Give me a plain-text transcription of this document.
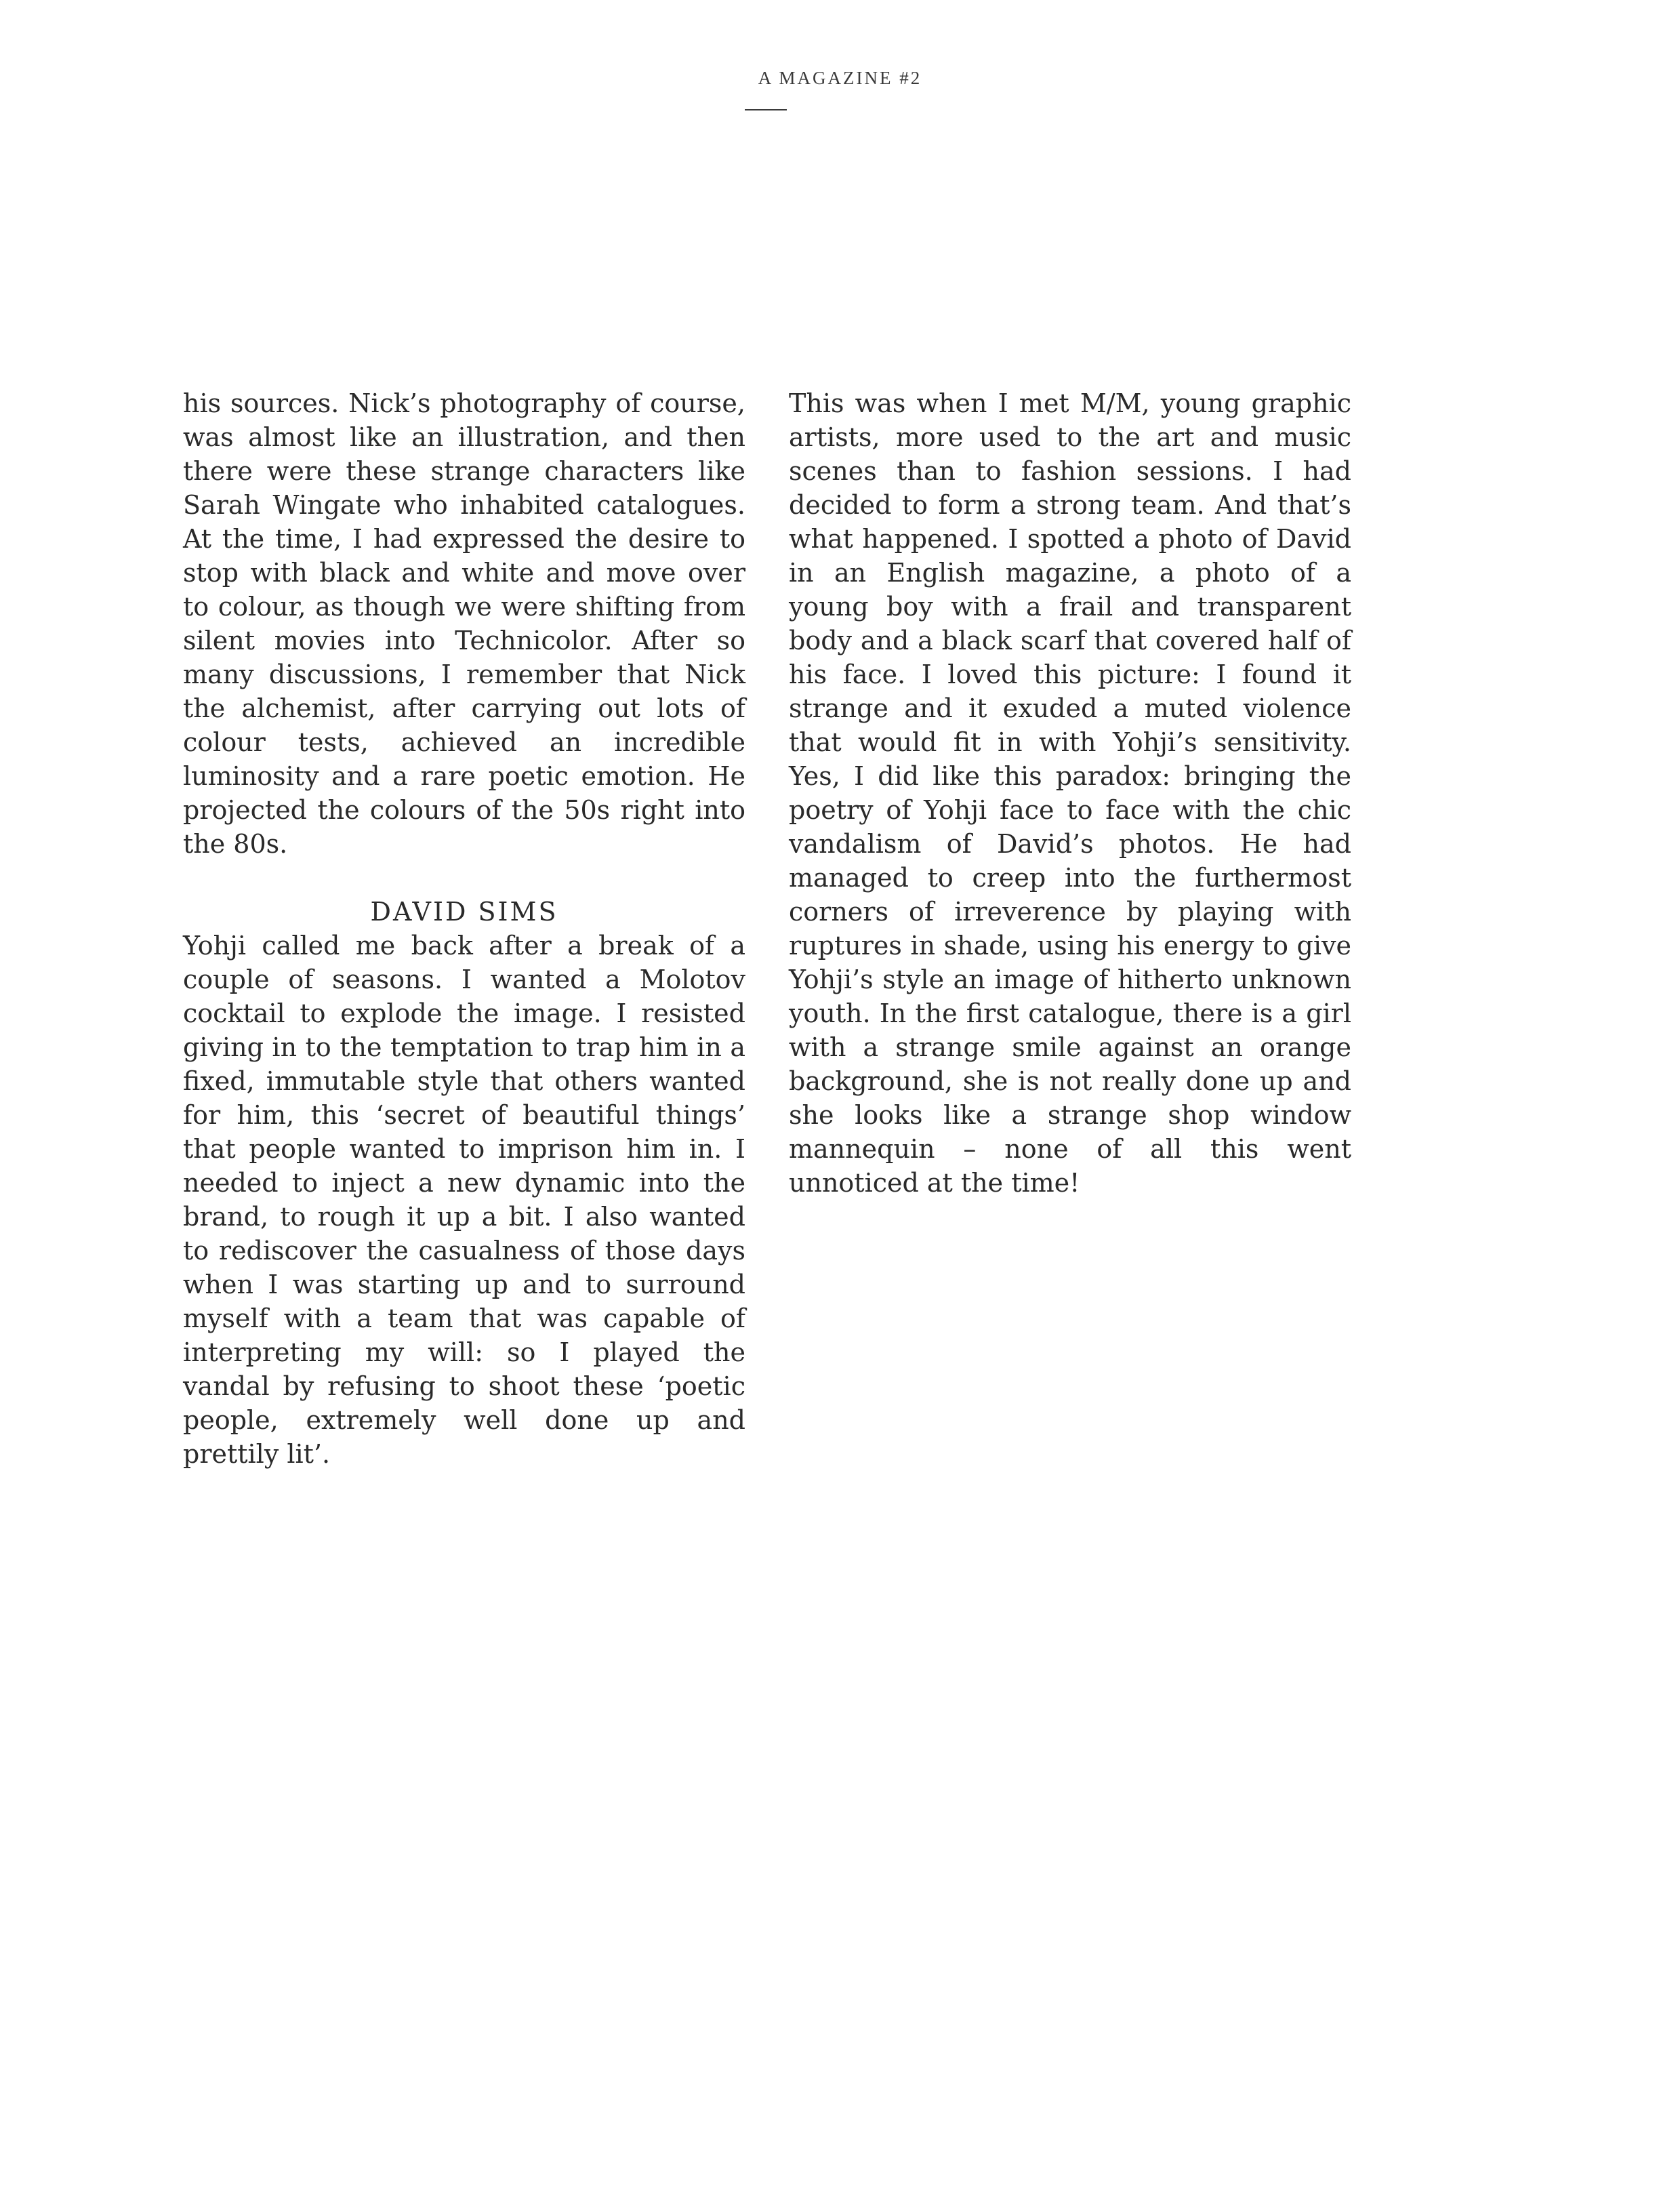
A MAGAZINE #2

his sources. Nick’s photography of course, was almost like an illustration, and then there were these strange characters like Sarah Wingate who inhabited catalogues. At the time, I had expressed the desire to stop with black and white and move over to colour, as though we were shifting from silent movies into Technicolor. After so many discussions, I remember that Nick the alchemist, after carrying out lots of colour tests, achieved an incredible luminosity and a rare poetic emotion. He projected the colours of the 50s right into the 80s.

DAVID SIMS

Yohji called me back after a break of a couple of seasons. I wanted a Molotov cocktail to explode the image. I resisted giving in to the temptation to trap him in a fixed, immutable style that others wanted for him, this ‘secret of beautiful things’ that people wanted to imprison him in. I needed to inject a new dynamic into the brand, to rough it up a bit. I also wanted to rediscover the casualness of those days when I was starting up and to surround myself with a team that was capable of interpreting my will: so I played the vandal by refusing to shoot these ‘poetic people, extremely well done up and prettily lit’.

This was when I met M/M, young graphic artists, more used to the art and music scenes than to fashion sessions. I had decided to form a strong team. And that’s what happened. I spotted a photo of David in an English magazine, a photo of a young boy with a frail and transparent body and a black scarf that covered half of his face. I loved this picture: I found it strange and it exuded a muted violence that would fit in with Yohji’s sensitivity. Yes, I did like this paradox: bringing the poetry of Yohji face to face with the chic vandalism of David’s photos. He had managed to creep into the furthermost corners of irreverence by playing with ruptures in shade, using his energy to give Yohji’s style an image of hitherto unknown youth. In the first catalogue, there is a girl with a strange smile against an orange background, she is not really done up and she looks like a strange shop window mannequin – none of all this went unnoticed at the time!
